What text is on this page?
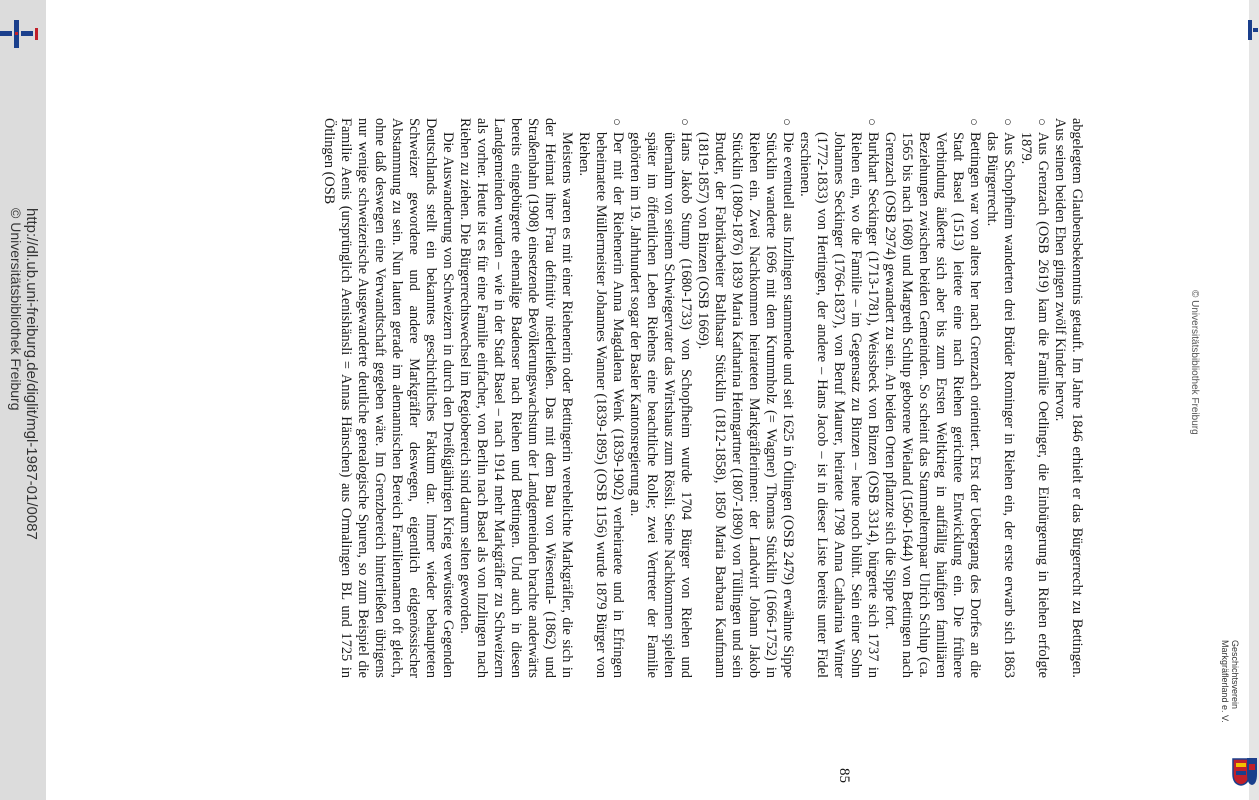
http://dl.ub.uni-freiburg.de/diglit/mgl-1987-01/0087
© Universitätsbibliothek Freiburg	© Universitätsbibliothek Freiburg
Geschichtsverein
Markgräflerland e. V.

abgelegtem Glaubensbekenntnis getauft. Im Jahre 1846 erhielt er das Bürgerrecht zu Bettingen. Aus seinen beiden Ehen gingen zwölf Kinder hervor.

○ Aus Grenzach (OSB 2619) kam die Familie Oetlinger, die Einbürgerung in Riehen erfolgte 1879.

○ Aus Schopfheim wanderten drei Brüder Rominger in Riehen ein, der erste erwarb sich 1863 das Bürgerrecht.

○ Bettingen war von alters her nach Grenzach orientiert. Erst der Uebergang des Dorfes an die Stadt Basel (1513) leitete eine nach Riehen gerichtete Entwicklung ein. Die frühere Verbindung äußerte sich aber bis zum Ersten Weltkrieg in auffällig häufigen familiären Beziehungen zwischen beiden Gemeinden. So scheint das Stammelternpaar Ulrich Schlup (ca. 1565 bis nach 1608) und Margreth Schlup geborene Wieland (1560-1644) von Bettingen nach Grenzach (OSB 2974) gewandert zu sein. An beiden Orten pflanzte sich die Sippe fort.

○ Burkhart Seckinger (1713-1781), Weissbeck von Binzen (OSB 3314), bürgerte sich 1737 in Riehen ein, wo die Familie – im Gegensatz zu Binzen – heute noch blüht. Sein einer Sohn Johannes Seckinger (1766-1837), von Beruf Maurer, heiratete 1798 Anna Catharina Winter (1772-1833) von Hertingen, der andere – Hans Jacob – ist in dieser Liste bereits unter Fidel erschienen.

○ Die eventuell aus Inzlingen stammende und seit 1625 in Ötlingen (OSB 2479) erwähnte Sippe Stücklin wanderte 1696 mit dem Krummholz (= Wagner) Thomas Stücklin (1666-1752) in Riehen ein. Zwei Nachkommen heirateten Markgräflerinnen: der Landwirt Johann Jakob Stücklin (1809-1876) 1839 Maria Katharina Heimgartner (1807-1890) von Tüllingen und sein Bruder, der Fabrikarbeiter Balthasar Stücklin (1812-1858), 1850 Maria Barbara Kaufmann (1819-1857) von Binzen (OSB 1669).

○ Hans Jakob Stump (1680-1733) von Schopfheim wurde 1704 Bürger von Riehen und übernahm von seinem Schwiegervater das Wirtshaus zum Rössli. Seine Nachkommen spielten später im öffentlichen Leben Riehens eine beachtliche Rolle; zwei Vertreter der Familie gehörten im 19. Jahrhundert sogar der Basler Kantonsregierung an.

○ Der mit der Riehenerin Anna Magdalena Wenk (1839-1902) verheiratete und in Efringen beheimatete Müllermeister Johannes Wanner (1839-1895) (OSB 1156) wurde 1879 Bürger von Riehen.

Meistens waren es mit einer Riehenerin oder Bettingerin verehelichte Markgräfler, die sich in der Heimat ihrer Frau definitiv niederließen. Das mit dem Bau von Wiesental- (1862) und Straßenbahn (1908) einsetzende Bevölkerungswachstum der Landgemeinden brachte anderwärts bereits eingebürgerte ehemalige Badenser nach Riehen und Bettingen. Und auch in diesen Landgemeinden wurden – wie in der Stadt Basel – nach 1914 mehr Markgräfler zu Schweizern als vorher. Heute ist es für eine Familie einfacher, von Berlin nach Basel als von Inzlingen nach Riehen zu ziehen. Die Bürgerrechtswechsel im Regiobereich sind darum selten geworden.

Die Auswanderung von Schweizern in durch den Dreißigjährigen Krieg verwüstete Gegenden Deutschlands stellt ein bekanntes geschichtliches Faktum dar. Immer wieder behaupteten Schweizer gewordene und andere Markgräfler deswegen, eigentlich eidgenössischer Abstammung zu sein. Nun lauten gerade im alemannischen Bereich Familiennamen oft gleich, ohne daß deswegen eine Verwandtschaft gegeben wäre. Im Grenzbereich hinterließen übrigens nur wenige schweizerische Ausgewanderte deutliche genealogische Spuren, so zum Beispiel die Familie Aenis (ursprünglich Aenishänsli = Annas Hänschen) aus Ormalingen BL und 1725 in Ötlingen (OSB

85
